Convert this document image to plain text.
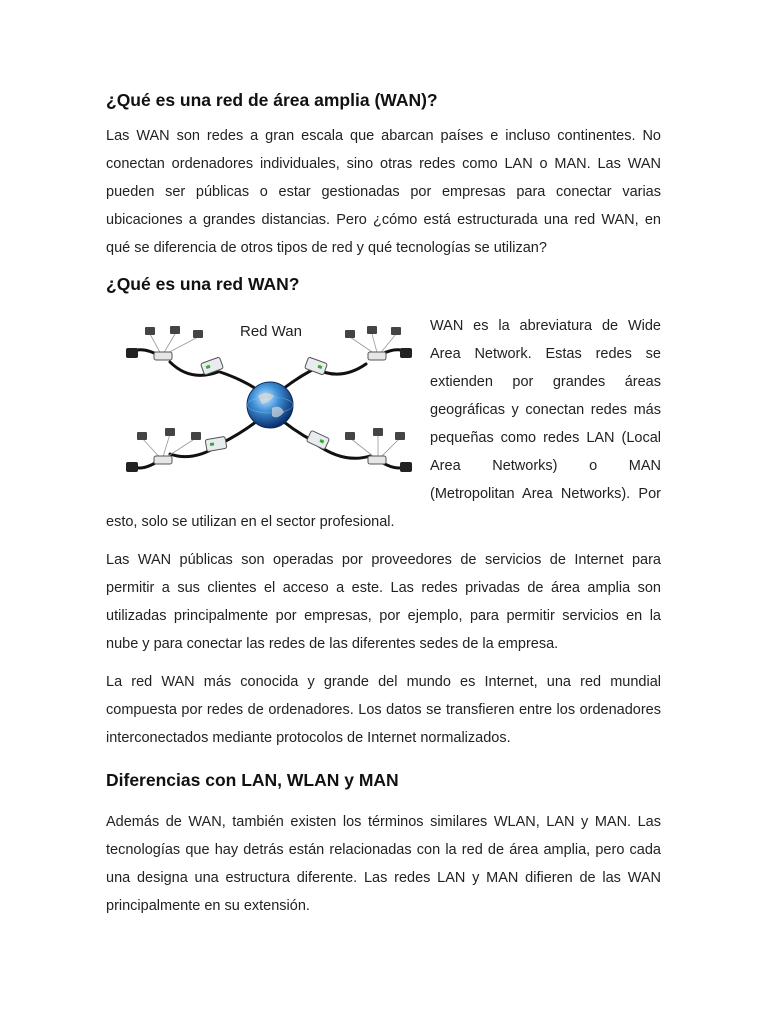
¿Qué es una red de área amplia (WAN)?

Las WAN son redes a gran escala que abarcan países e incluso continentes. No conectan ordenadores individuales, sino otras redes como LAN o MAN. Las WAN pueden ser públicas o estar gestionadas por empresas para conectar varias ubicaciones a grandes distancias. Pero ¿cómo está estructurada una red WAN, en qué se diferencia de otros tipos de red y qué tecnologías se utilizan?

¿Qué es una red WAN?
Red Wan	WAN es la abreviatura de Wide Area Network. Estas redes se extienden por grandes áreas geográficas y conectan redes más pequeñas como redes LAN (Local Area Networks) o MAN (Metropolitan Area Networks). Por esto, solo se utilizan en el sector profesional.

Las WAN públicas son operadas por proveedores de servicios de Internet para permitir a sus clientes el acceso a este. Las redes privadas de área amplia son utilizadas principalmente por empresas, por ejemplo, para permitir servicios en la nube y para conectar las redes de las diferentes sedes de la empresa.

La red WAN más conocida y grande del mundo es Internet, una red mundial compuesta por redes de ordenadores. Los datos se transfieren entre los ordenadores interconectados mediante protocolos de Internet normalizados.

Diferencias con LAN, WLAN y MAN

Además de WAN, también existen los términos similares WLAN, LAN y MAN. Las tecnologías que hay detrás están relacionadas con la red de área amplia, pero cada una designa una estructura diferente. Las redes LAN y MAN difieren de las WAN principalmente en su extensión.
